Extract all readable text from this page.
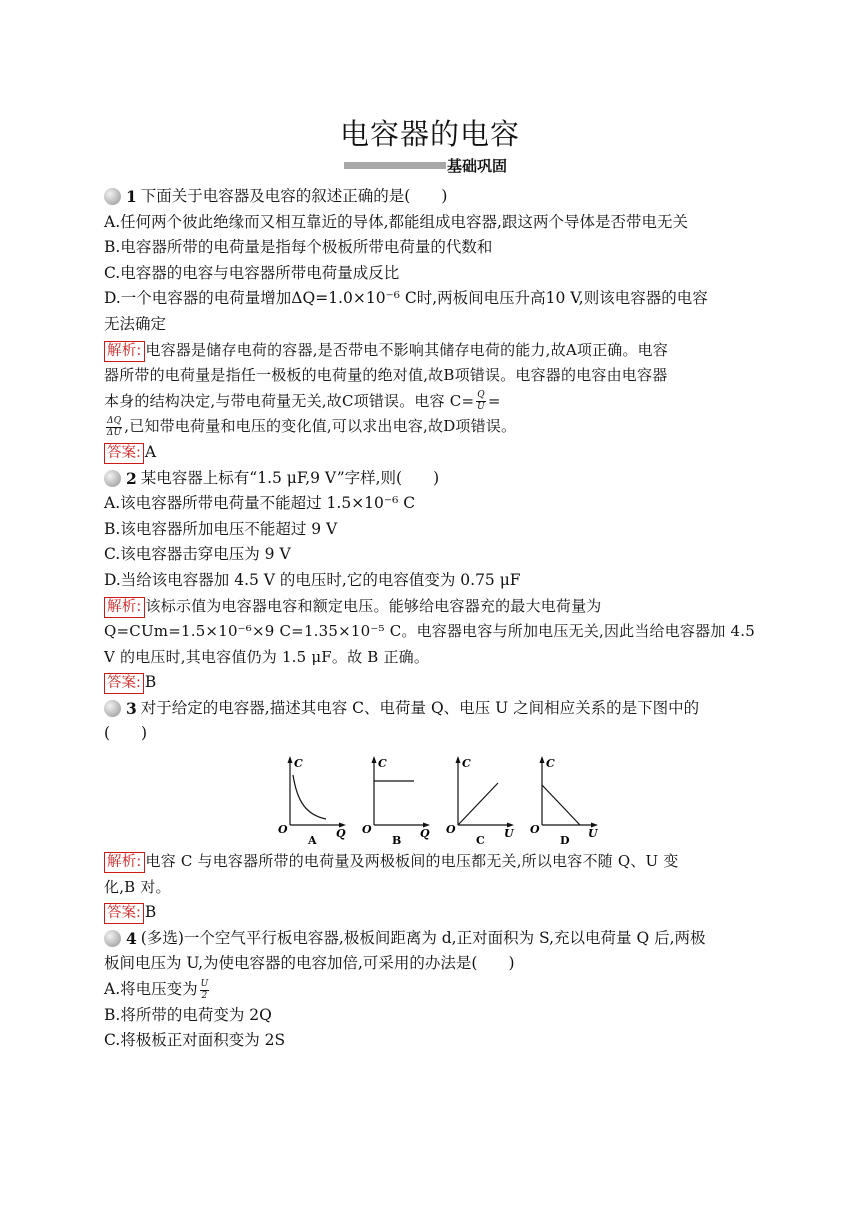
电容器的电容
基础巩固
1 下面关于电容器及电容的叙述正确的是(　　)
A.任何两个彼此绝缘而又相互靠近的导体,都能组成电容器,跟这两个导体是否带电无关
B.电容器所带的电荷量是指每个极板所带电荷量的代数和
C.电容器的电容与电容器所带电荷量成反比
D.一个电容器的电荷量增加ΔQ=1.0×10⁻⁶ C时,两板间电压升高10 V,则该电容器的电容
无法确定
解析: 电容器是储存电荷的容器,是否带电不影响其储存电荷的能力,故A项正确。电容
器所带的电荷量是指任一极板的电荷量的绝对值,故B项错误。电容器的电容由电容器
本身的结构决定,与带电荷量无关,故C项错误。电容 $C= \frac{Q}{U}$ =
$\frac{\Delta Q}{\Delta U}$ ,已知带电荷量和电压的变化值,可以求出电容,故D项错误。
答案: A
2 某电容器上标有“1.5 μF,9 V”字样,则(　　)
A.该电容器所带电荷量不能超过 1.5×10⁻⁶ C
B.该电容器所加电压不能超过 9 V
C.该电容器击穿电压为 9 V
D.当给该电容器加 4.5 V 的电压时,它的电容值变为 0.75 μF
解析: 该标示值为电容器电容和额定电压。能够给电容器充的最大电荷量为
Q=CUm=1.5×10⁻⁶×9 C=1.35×10⁻⁵ C。电容器电容与所加电压无关,因此当给电容器加 4.5
V 的电压时,其电容值仍为 1.5 μF。故 B 正确。
答案: B
3 对于给定的电容器,描述其电容 C、电荷量 Q、电压 U 之间相应关系的是下图中的
(　　)
C
O	Q
A
C
O	Q
B
C
O	U
C
C
O	U
D
解析: 电容 C 与电容器所带的电荷量及两极板间的电压都无关,所以电容不随 Q、U 变
化,B 对。
答案: B
4 (多选)一个空气平行板电容器,极板间距离为 d,正对面积为 S,充以电荷量 Q 后,两极
板间电压为 U,为使电容器的电容加倍,可采用的办法是(　　)
A.将电压变为 $\frac{U}{2}$
B.将所带的电荷变为 2Q
C.将极板正对面积变为 2S
